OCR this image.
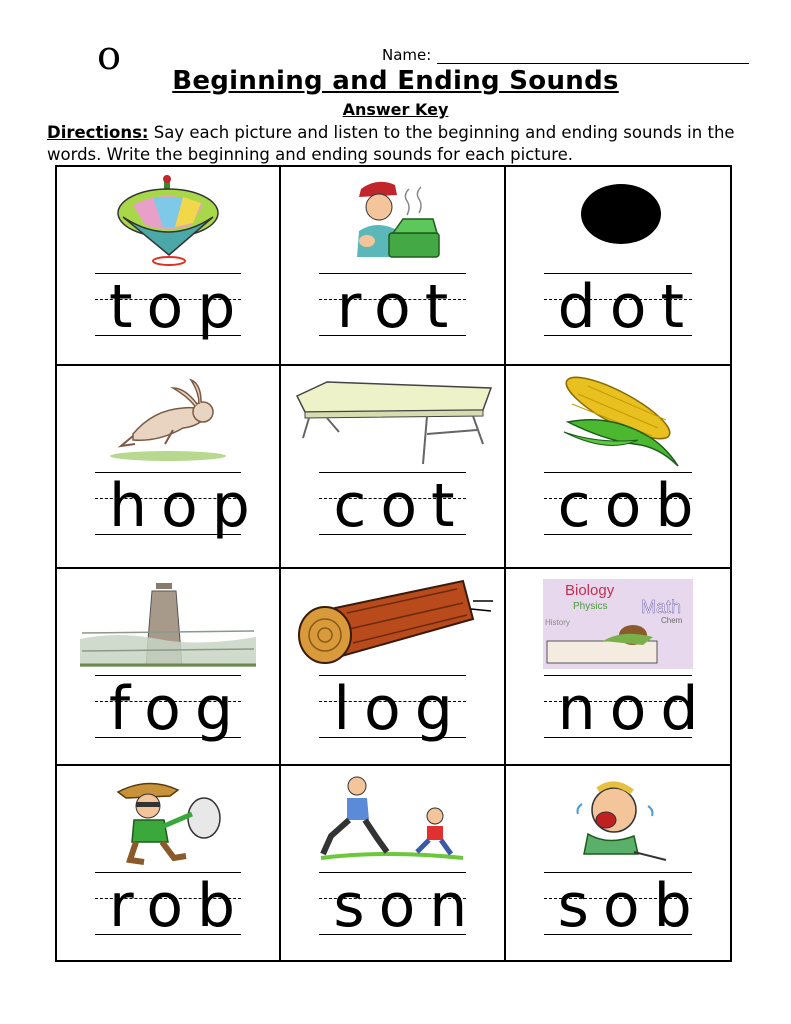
o	Name:
Beginning and Ending Sounds
Answer Key
Directions: Say each picture and listen to the beginning and ending sounds in the words. Write the beginning and ending sounds for each picture.
top rot dot
hop cot cob
fog log
Biology
Physics Math
Chem
History
nod
rob son sob
